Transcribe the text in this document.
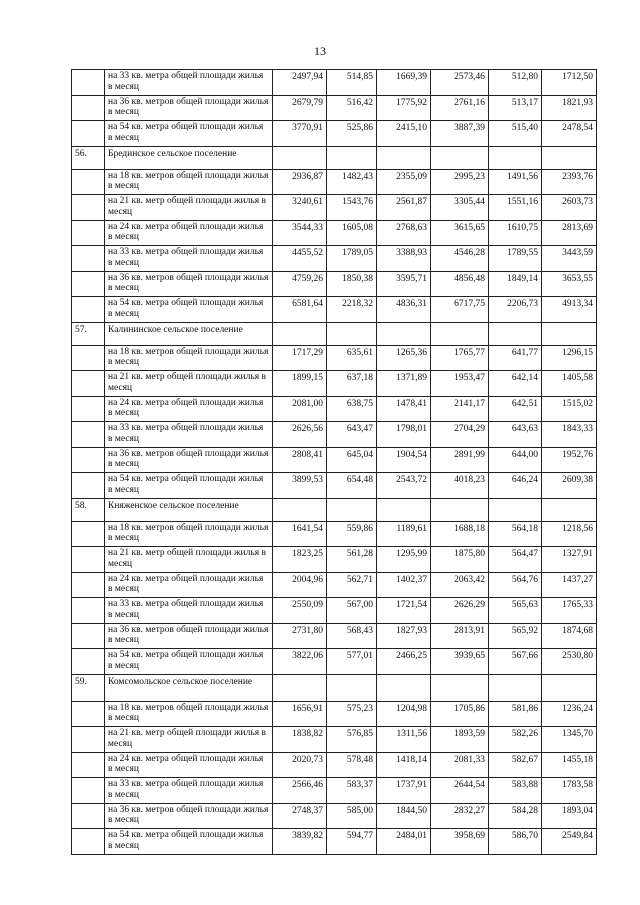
13
	на 33 кв. метра общей площади жилья в месяц	2497,94	514,85	1669,39	2573,46	512,80	1712,50
	на 36 кв. метров общей площади жилья в месяц	2679,79	516,42	1775,92	2761,16	513,17	1821,93
	на 54 кв. метра общей площади жилья в месяц	3770,91	525,86	2415,10	3887,39	515,40	2478,54
56.	Брединское сельское поселение						
	на 18 кв. метров общей площади жилья в месяц	2936,87	1482,43	2355,09	2995,23	1491,56	2393,76
	на 21 кв. метр общей площади жилья в месяц	3240,61	1543,76	2561,87	3305,44	1551,16	2603,73
	на 24 кв. метра общей площади жилья в месяц	3544,33	1605,08	2768,63	3615,65	1610,75	2813,69
	на 33 кв. метра общей площади жилья в месяц	4455,52	1789,05	3388,93	4546,28	1789,55	3443,59
	на 36 кв. метров общей площади жилья в месяц	4759,26	1850,38	3595,71	4856,48	1849,14	3653,55
	на 54 кв. метра общей площади жилья в месяц	6581,64	2218,32	4836,31	6717,75	2206,73	4913,34
57.	Калининское сельское поселение						
	на 18 кв. метров общей площади жилья в месяц	1717,29	635,61	1265,36	1765,77	641,77	1296,15
	на 21 кв. метр общей площади жилья в месяц	1899,15	637,18	1371,89	1953,47	642,14	1405,58
	на 24 кв. метра общей площади жилья в месяц	2081,00	638,75	1478,41	2141,17	642,51	1515,02
	на 33 кв. метра общей площади жилья в месяц	2626,56	643,47	1798,01	2704,29	643,63	1843,33
	на 36 кв. метров общей площади жилья в месяц	2808,41	645,04	1904,54	2891,99	644,00	1952,76
	на 54 кв. метра общей площади жилья в месяц	3899,53	654,48	2543,72	4018,23	646,24	2609,38
58.	Княженское сельское поселение						
	на 18 кв. метров общей площади жилья в месяц	1641,54	559,86	1189,61	1688,18	564,18	1218,56
	на 21 кв. метр общей площади жилья в месяц	1823,25	561,28	1295,99	1875,80	564,47	1327,91
	на 24 кв. метра общей площади жилья в месяц	2004,96	562,71	1402,37	2063,42	564,76	1437,27
	на 33 кв. метра общей площади жилья в месяц	2550,09	567,00	1721,54	2626,29	565,63	1765,33
	на 36 кв. метров общей площади жилья в месяц	2731,80	568,43	1827,93	2813,91	565,92	1874,68
	на 54 кв. метра общей площади жилья в месяц	3822,06	577,01	2466,25	3939,65	567,66	2530,80
59.	Комсомольское сельское поселение						
	на 18 кв. метров общей площади жилья в месяц	1656,91	575,23	1204,98	1705,86	581,86	1236,24
	на 21 кв. метр общей площади жилья в месяц	1838,82	576,85	1311,56	1893,59	582,26	1345,70
	на 24 кв. метра общей площади жилья в месяц	2020,73	578,48	1418,14	2081,33	582,67	1455,18
	на 33 кв. метра общей площади жилья в месяц	2566,46	583,37	1737,91	2644,54	583,88	1783,58
	на 36 кв. метров общей площади жилья в месяц	2748,37	585,00	1844,50	2832,27	584,28	1893,04
	на 54 кв. метра общей площади жилья в месяц	3839,82	594,77	2484,01	3958,69	586,70	2549,84
